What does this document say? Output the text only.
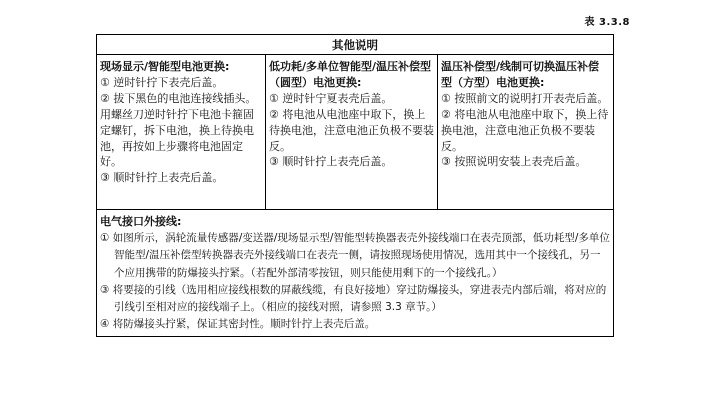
表 3.3.8
其他说明
现场显示/智能型电池更换:

① 逆时针拧下表壳后盖。

② 拔下黑色的电池连接线插头。用螺丝刀逆时针拧下电池卡箍固定螺钉，拆下电池，换上待换电池，再按如上步骤将电池固定好。

③ 顺时针拧上表壳后盖。

低功耗/多单位智能型/温压补偿型（圆型）电池更换:

① 逆时针宁夏表壳后盖。

② 将电池从电池座中取下，换上待换电池，注意电池正负极不要装反。

③ 顺时针拧上表壳后盖。

温压补偿型/线制可切换温压补偿型（方型）电池更换:

① 按照前文的说明打开表壳后盖。

② 将电池从电池座中取下，换上待换电池，注意电池正负极不要装反。

③ 按照说明安装上表壳后盖。

电气接口外接线:

① 如图所示，涡轮流量传感器/变送器/现场显示型/智能型转换器表壳外接线端口在表壳顶部，低功耗型/多单位智能型/温压补偿型转换器表壳外接线端口在表壳一侧，请按照现场使用情况，选用其中一个接线孔，另一个应用携带的防爆接头拧紧。（若配外部清零按钮，则只能使用剩下的一个接线孔。）

③ 将要接的引线（选用相应接线根数的屏蔽线缆，有良好接地）穿过防爆接头，穿进表壳内部后端，将对应的引线引至相对应的接线端子上。（相应的接线对照，请参照 3.3 章节。）

④ 将防爆接头拧紧，保证其密封性。顺时针拧上表壳后盖。
